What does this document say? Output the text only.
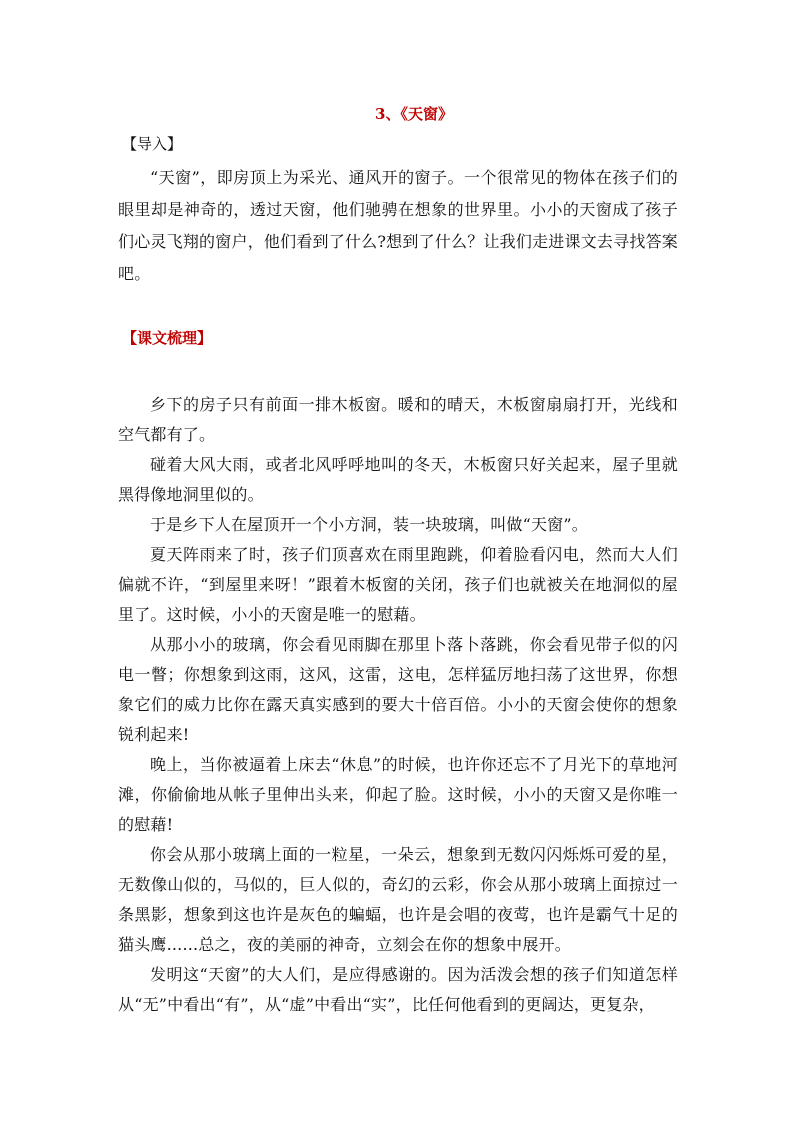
3、《天窗》
【导入】

“天窗”，即房顶上为采光、通风开的窗子。一个很常见的物体在孩子们的眼里却是神奇的，透过天窗，他们驰骋在想象的世界里。小小的天窗成了孩子们心灵飞翔的窗户，他们看到了什么?想到了什么？让我们走进课文去寻找答案吧。

【课文梳理】

乡下的房子只有前面一排木板窗。暖和的晴天，木板窗扇扇打开，光线和空气都有了。

碰着大风大雨，或者北风呼呼地叫的冬天，木板窗只好关起来，屋子里就黑得像地洞里似的。

于是乡下人在屋顶开一个小方洞，装一块玻璃，叫做“天窗”。

夏天阵雨来了时，孩子们顶喜欢在雨里跑跳，仰着脸看闪电，然而大人们偏就不许，“到屋里来呀！”跟着木板窗的关闭，孩子们也就被关在地洞似的屋里了。这时候，小小的天窗是唯一的慰藉。

从那小小的玻璃，你会看见雨脚在那里卜落卜落跳，你会看见带子似的闪电一瞥；你想象到这雨，这风，这雷，这电，怎样猛厉地扫荡了这世界，你想象它们的威力比你在露天真实感到的要大十倍百倍。小小的天窗会使你的想象锐利起来!

晚上，当你被逼着上床去“休息”的时候，也许你还忘不了月光下的草地河滩，你偷偷地从帐子里伸出头来，仰起了脸。这时候，小小的天窗又是你唯一的慰藉!

你会从那小玻璃上面的一粒星，一朵云，想象到无数闪闪烁烁可爱的星，无数像山似的，马似的，巨人似的，奇幻的云彩，你会从那小玻璃上面掠过一条黑影，想象到这也许是灰色的蝙蝠，也许是会唱的夜莺，也许是霸气十足的猫头鹰......总之，夜的美丽的神奇，立刻会在你的想象中展开。

发明这“天窗”的大人们，是应得感谢的。因为活泼会想的孩子们知道怎样从“无”中看出“有”，从“虚”中看出“实”，比任何他看到的更阔达，更复杂，
